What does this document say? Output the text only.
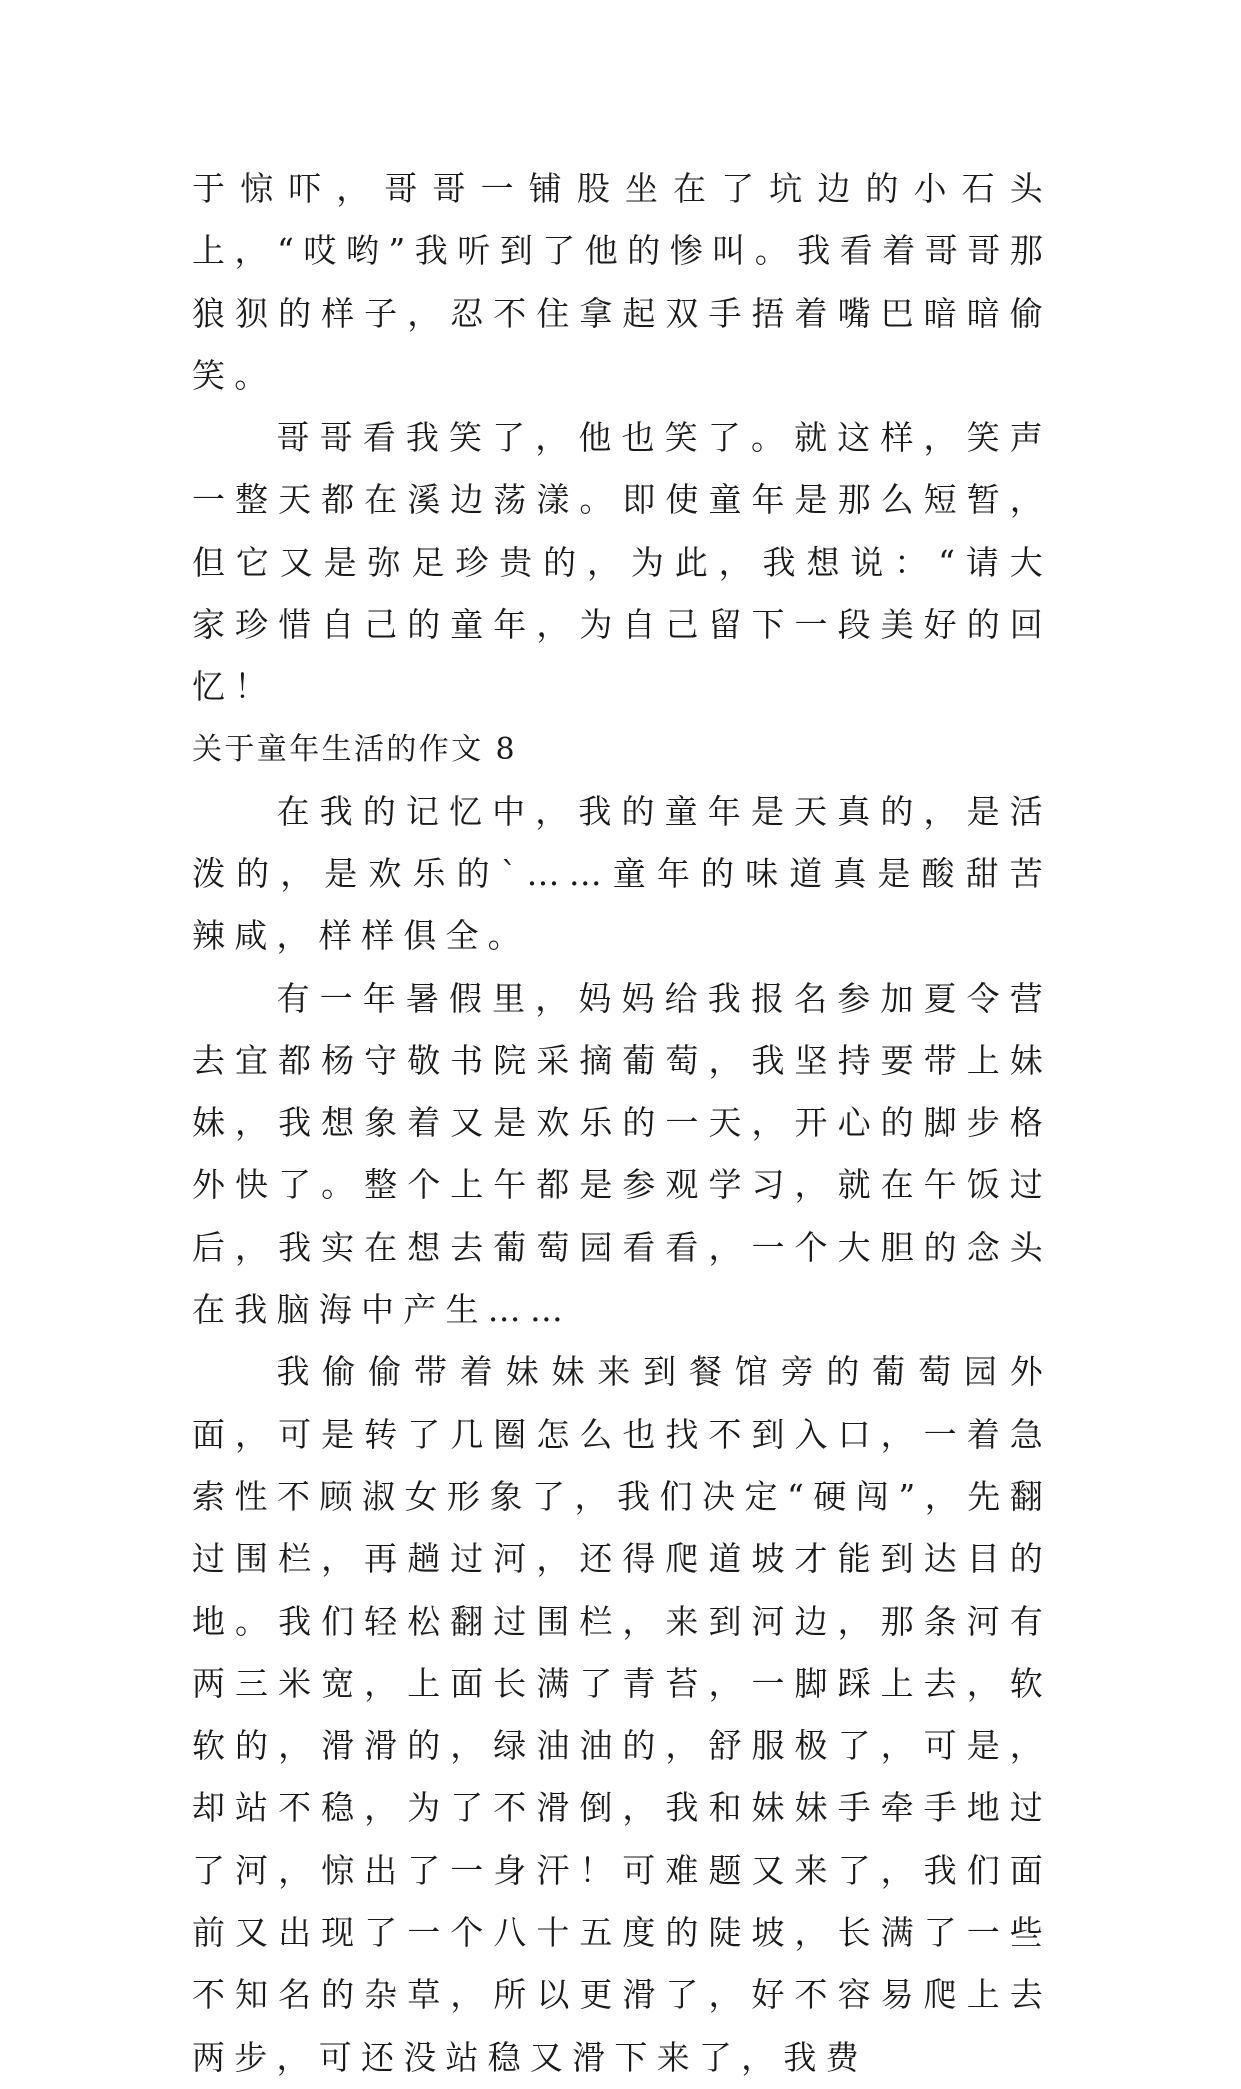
于惊吓，哥哥一铺股坐在了坑边的小石头上，“哎哟”我听到了他的惨叫。我看着哥哥那狼狈的样子，忍不住拿起双手捂着嘴巴暗暗偷笑。

哥哥看我笑了，他也笑了。就这样，笑声一整天都在溪边荡漾。即使童年是那么短暂，但它又是弥足珍贵的，为此，我想说：“请大家珍惜自己的童年，为自己留下一段美好的回忆！

关于童年生活的作文 8

在我的记忆中，我的童年是天真的，是活泼的，是欢乐的`……童年的味道真是酸甜苦辣咸，样样俱全。

有一年暑假里，妈妈给我报名参加夏令营去宜都杨守敬书院采摘葡萄，我坚持要带上妹妹，我想象着又是欢乐的一天，开心的脚步格外快了。整个上午都是参观学习，就在午饭过后，我实在想去葡萄园看看，一个大胆的念头在我脑海中产生……

我偷偷带着妹妹来到餐馆旁的葡萄园外面，可是转了几圈怎么也找不到入口，一着急索性不顾淑女形象了，我们决定“硬闯”，先翻过围栏，再趟过河，还得爬道坡才能到达目的地。我们轻松翻过围栏，来到河边，那条河有两三米宽，上面长满了青苔，一脚踩上去，软软的，滑滑的，绿油油的，舒服极了，可是，却站不稳，为了不滑倒，我和妹妹手牵手地过了河，惊出了一身汗！可难题又来了，我们面前又出现了一个八十五度的陡坡，长满了一些不知名的杂草，所以更滑了，好不容易爬上去两步，可还没站稳又滑下来了，我费
